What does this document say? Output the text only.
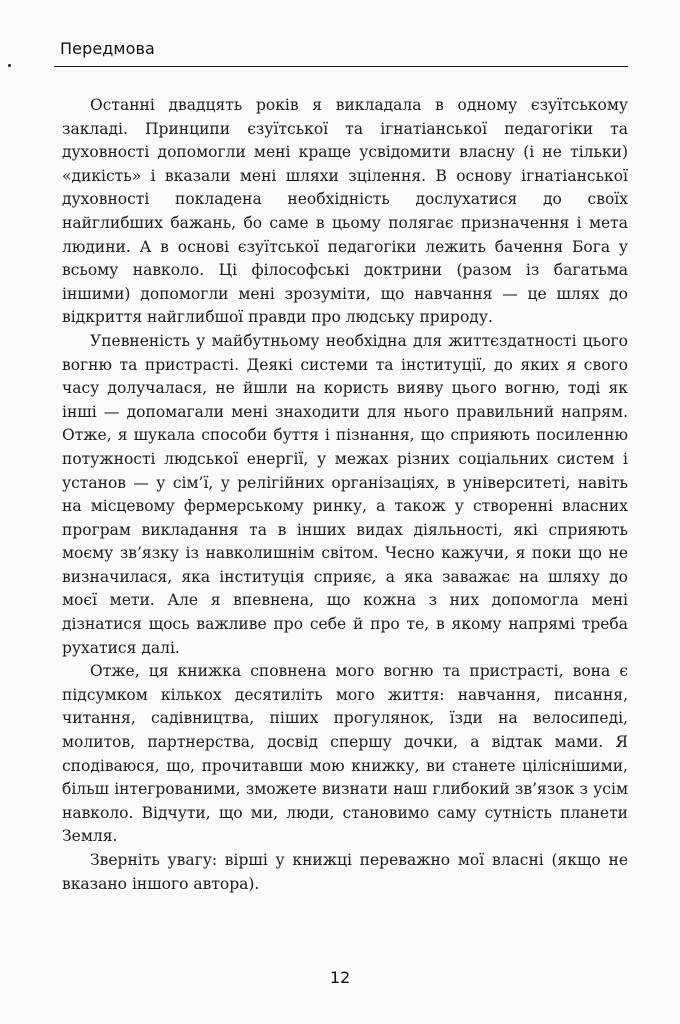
Передмова

Останні двадцять років я викладала в одному єзуїтському закладі. Принципи єзуїтської та ігнатіанської педагогіки та духовності допомогли мені краще усвідомити власну (і не тільки) «дикість» і вказали мені шляхи зцілення. В основу ігнатіанської духовності покладена необхідність дослухатися до своїх найглибших бажань, бо саме в цьому полягає призначення і мета людини. А в основі єзуїтської педагогіки лежить бачення Бога у всьому навколо. Ці філософські доктрини (разом із багатьма іншими) допомогли мені зрозуміти, що навчання — це шлях до відкриття найглибшої правди про людську природу.

Упевненість у майбутньому необхідна для життєздатності цього вогню та пристрасті. Деякі системи та інституції, до яких я свого часу долучалася, не йшли на користь вияву цього вогню, тоді як інші — допомагали мені знаходити для нього правильний напрям. Отже, я шукала способи буття і пізнання, що сприяють посиленню потужності людської енергії, у межах різних соціальних систем і установ — у сім’ї, у релігійних організаціях, в університеті, навіть на місцевому фермерському ринку, а також у створенні власних програм викладання та в інших видах діяльності, які сприяють моєму зв’язку із навколишнім світом. Чесно кажучи, я поки що не визначилася, яка інституція сприяє, а яка заважає на шляху до моєї мети. Але я впевнена, що кожна з них допомогла мені дізнатися щось важливе про себе й про те, в якому напрямі треба рухатися далі.

Отже, ця книжка сповнена мого вогню та пристрасті, вона є підсумком кількох десятиліть мого життя: навчання, писання, читання, садівництва, піших прогулянок, їзди на велосипеді, молитов, партнерства, досвід спершу дочки, а відтак мами. Я сподіваюся, що, прочитавши мою книжку, ви станете ціліснішими, більш інтегрованими, зможете визнати наш глибокий зв’язок з усім навколо. Відчути, що ми, люди, становимо саму сутність планети Земля.

Зверніть увагу: вірші у книжці переважно мої власні (якщо не вказано іншого автора).

12
